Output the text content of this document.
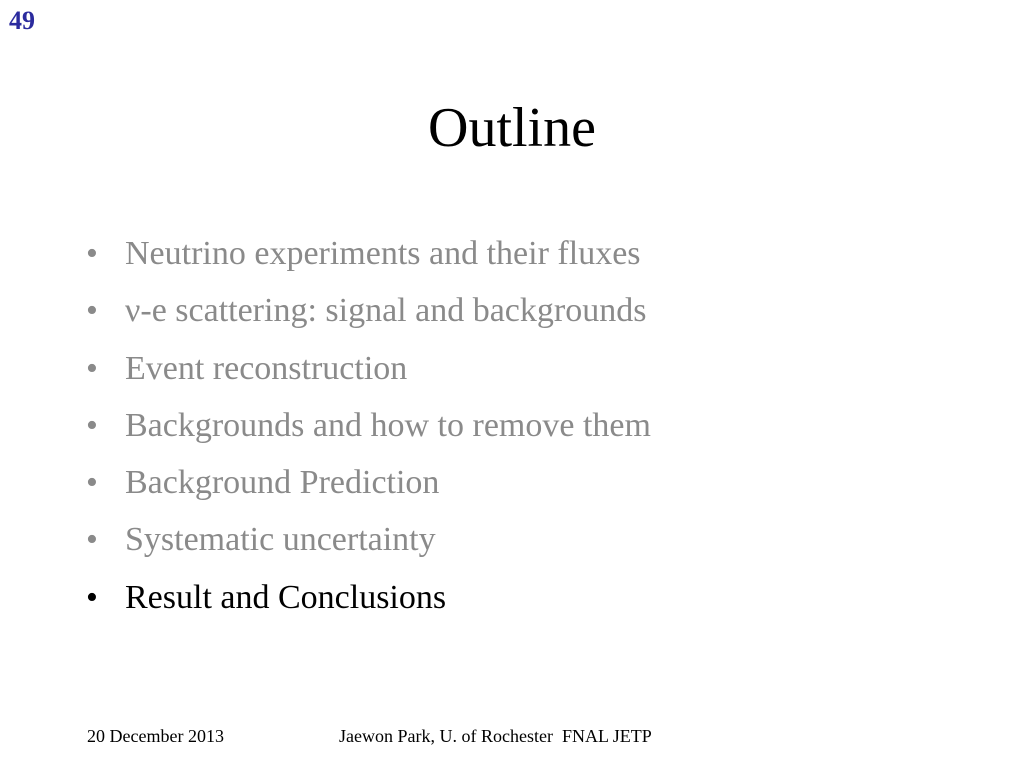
49
Outline
• Neutrino experiments and their fluxes
• ν-e scattering: signal and backgrounds
• Event reconstruction
• Backgrounds and how to remove them
• Background Prediction
• Systematic uncertainty
• Result and Conclusions
20 December 2013	Jaewon Park, U. of Rochester  FNAL JETP
